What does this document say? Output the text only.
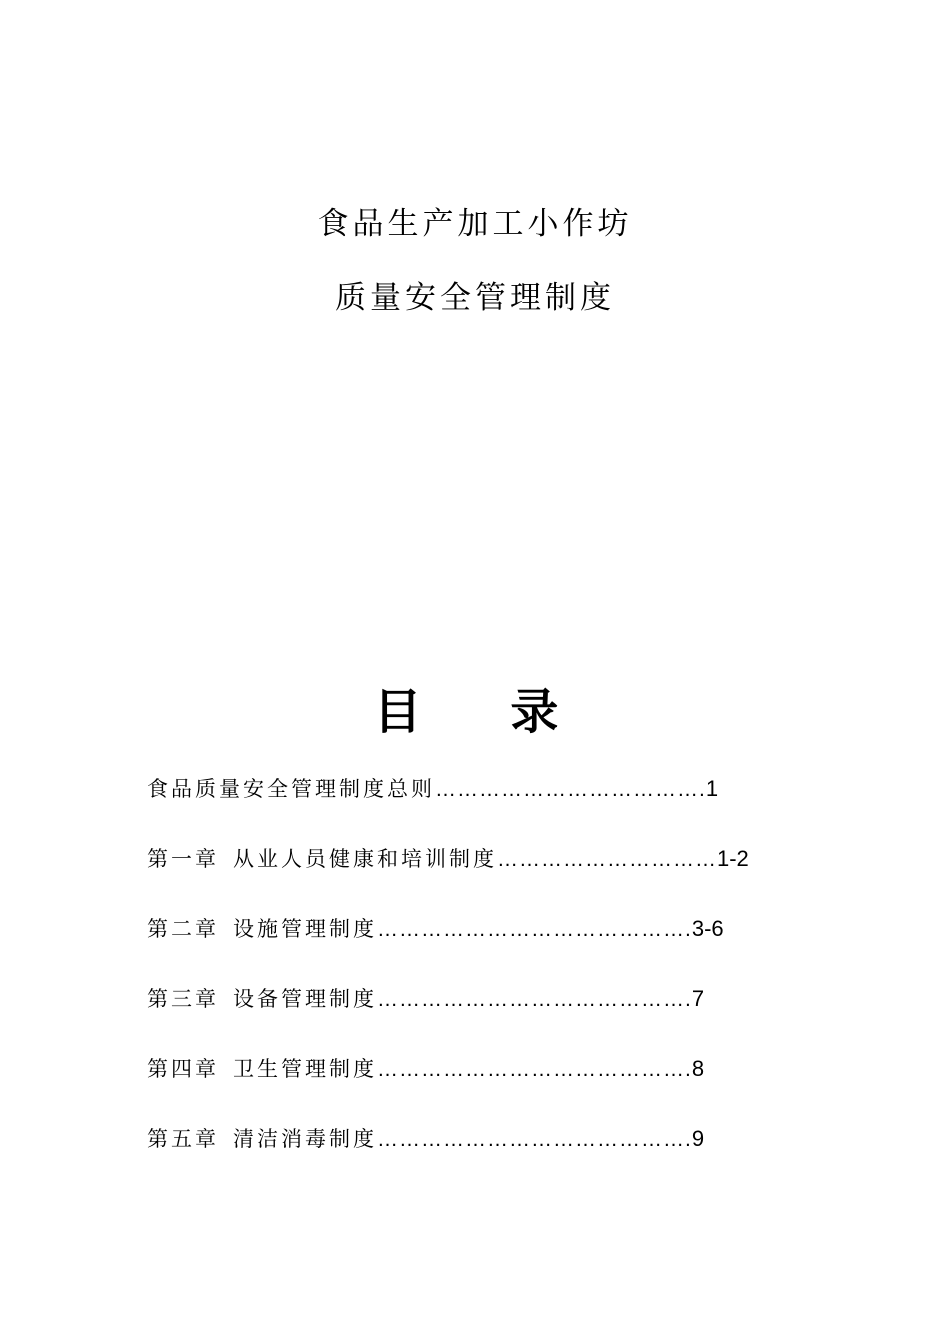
食品生产加工小作坊
质量安全管理制度
目 录
食品质量安全管理制度总则……………………………….1
第一章 从业人员健康和培训制度…………………………1-2
第二章 设施管理制度…………………………………….3-6
第三章 设备管理制度…………………………………….7
第四章 卫生管理制度…………………………………….8
第五章 清洁消毒制度…………………………………….9
